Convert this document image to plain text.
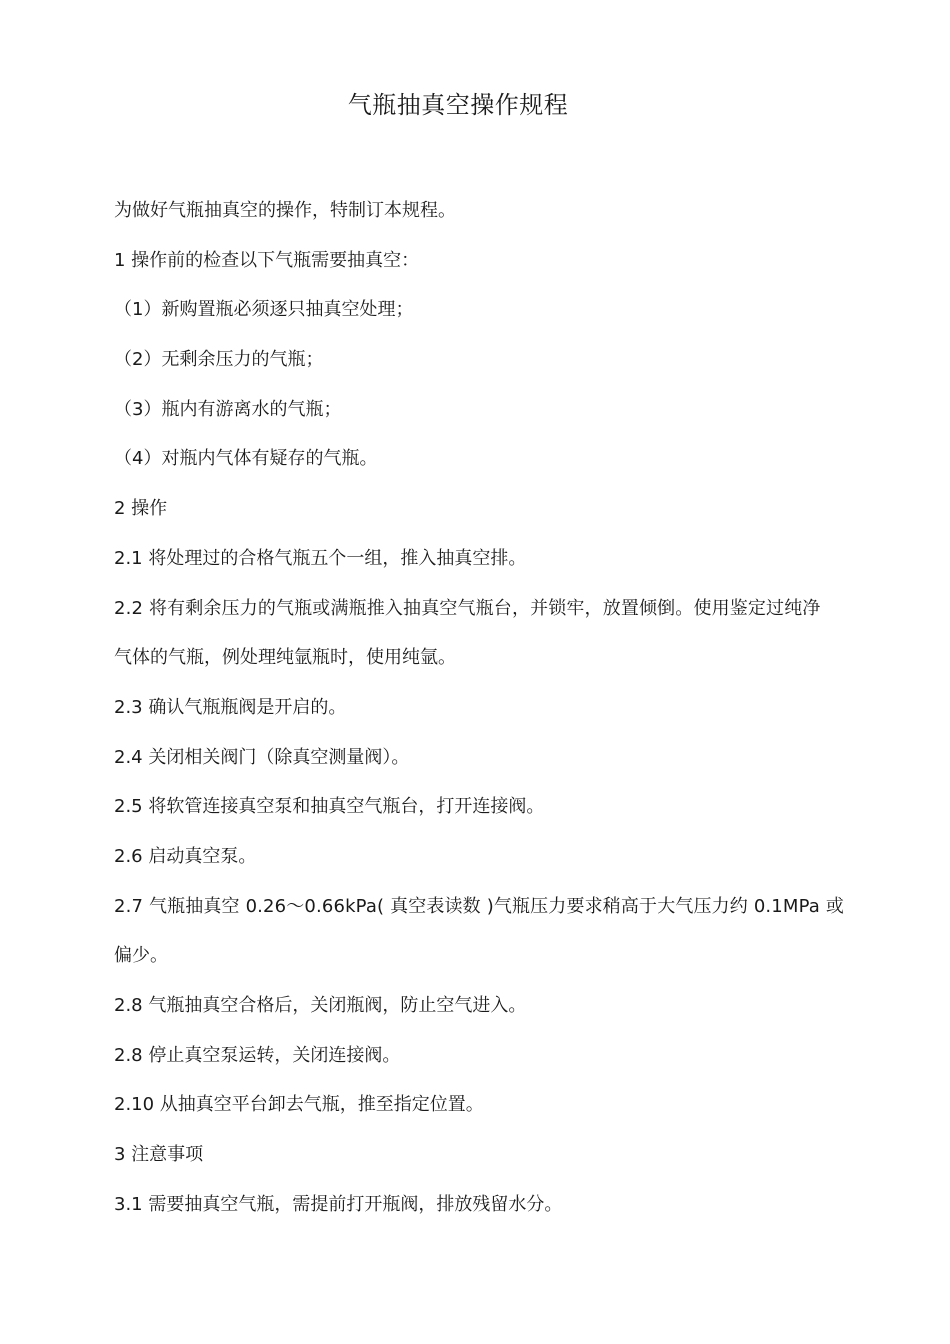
气瓶抽真空操作规程
为做好气瓶抽真空的操作，特制订本规程。
1 操作前的检查以下气瓶需要抽真空：
（1）新购置瓶必须逐只抽真空处理；
（2）无剩余压力的气瓶；
（3）瓶内有游离水的气瓶；
（4）对瓶内气体有疑存的气瓶。
2 操作
2.1 将处理过的合格气瓶五个一组，推入抽真空排。
2.2 将有剩余压力的气瓶或满瓶推入抽真空气瓶台，并锁牢，放置倾倒。使用鉴定过纯净
气体的气瓶，例处理纯氩瓶时，使用纯氩。
2.3 确认气瓶瓶阀是开启的。
2.4 关闭相关阀门（除真空测量阀）。
2.5 将软管连接真空泵和抽真空气瓶台，打开连接阀。
2.6 启动真空泵。
2.7 气瓶抽真空 0.26～0.66kPa( 真空表读数 )气瓶压力要求稍高于大气压力约 0.1MPa 或
偏少。
2.8 气瓶抽真空合格后，关闭瓶阀，防止空气进入。
2.8 停止真空泵运转，关闭连接阀。
2.10 从抽真空平台卸去气瓶，推至指定位置。
3 注意事项
3.1 需要抽真空气瓶，需提前打开瓶阀，排放残留水分。
